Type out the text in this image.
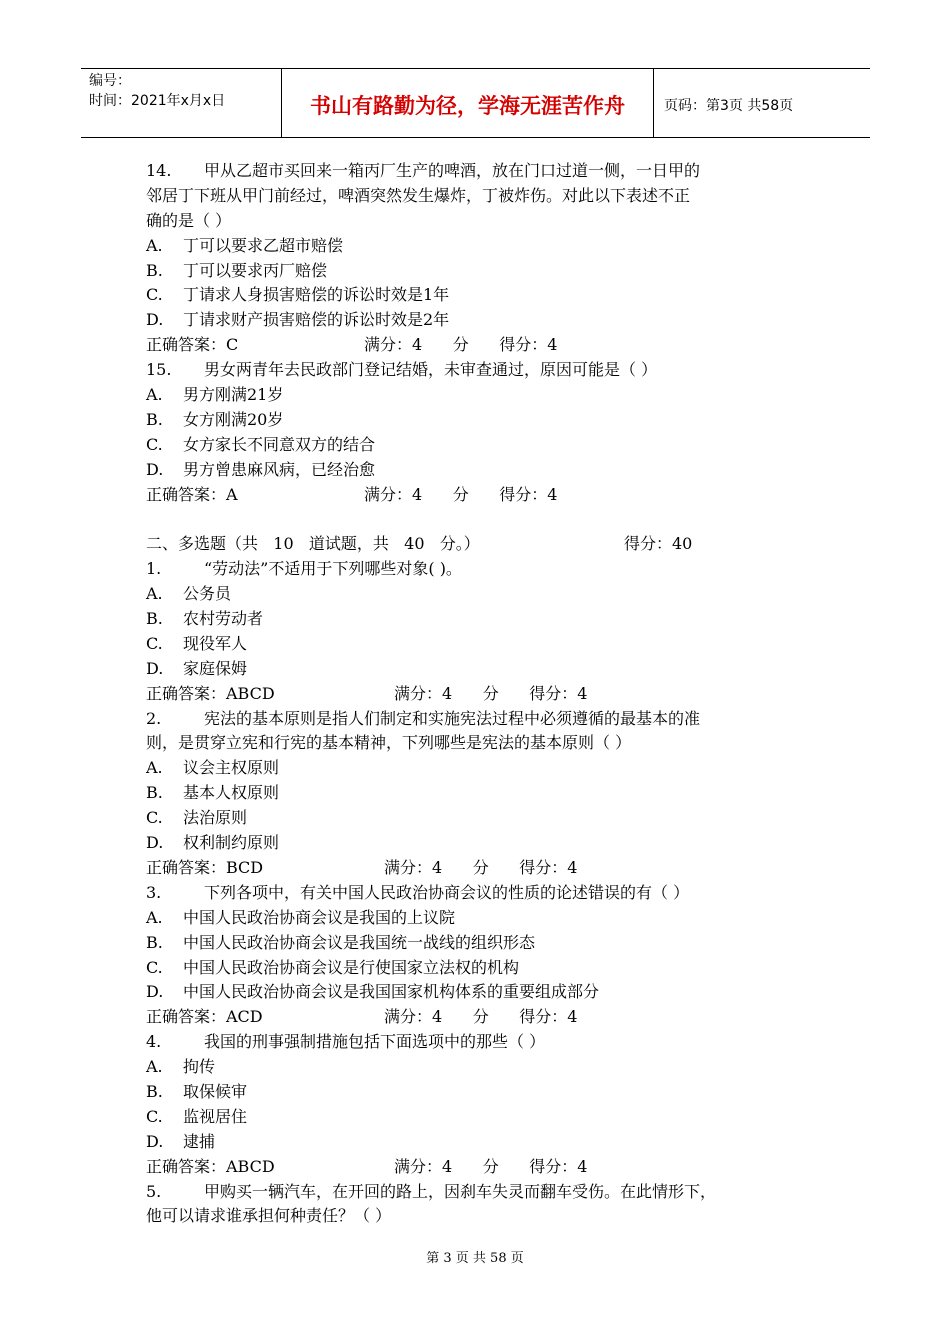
编号：
时间：2021年x月x日	书山有路勤为径，学海无涯苦作舟	页码：第3页 共58页
14. 甲从乙超市买回来一箱丙厂生产的啤酒，放在门口过道一侧，一日甲的
邻居丁下班从甲门前经过，啤酒突然发生爆炸，丁被炸伤。对此以下表述不正
确的是（ ）
A. 丁可以要求乙超市赔偿
B. 丁可以要求丙厂赔偿
C. 丁请求人身损害赔偿的诉讼时效是1年
D. 丁请求财产损害赔偿的诉讼时效是2年
正确答案：C	满分：4      分      得分：4
15. 男女两青年去民政部门登记结婚，未审查通过，原因可能是（ ）
A. 男方刚满21岁
B. 女方刚满20岁
C. 女方家长不同意双方的结合
D. 男方曾患麻风病，已经治愈
正确答案：A	满分：4      分      得分：4
二、多选题（共   10   道试题，共   40   分。）	得分：40
1.	“劳动法”不适用于下列哪些对象( )。
A. 公务员
B. 农村劳动者
C. 现役军人
D. 家庭保姆
正确答案：ABCD	满分：4      分      得分：4
2.	宪法的基本原则是指人们制定和实施宪法过程中必须遵循的最基本的准
则，是贯穿立宪和行宪的基本精神，下列哪些是宪法的基本原则（ ）
A. 议会主权原则
B. 基本人权原则
C. 法治原则
D. 权利制约原则
正确答案：BCD	满分：4      分      得分：4
3.	下列各项中，有关中国人民政治协商会议的性质的论述错误的有（ ）
A. 中国人民政治协商会议是我国的上议院
B. 中国人民政治协商会议是我国统一战线的组织形态
C. 中国人民政治协商会议是行使国家立法权的机构
D. 中国人民政治协商会议是我国国家机构体系的重要组成部分
正确答案：ACD	满分：4      分      得分：4
4.	我国的刑事强制措施包括下面选项中的那些（ ）
A. 拘传
B. 取保候审
C. 监视居住
D. 逮捕
正确答案：ABCD	满分：4      分      得分：4
5.	甲购买一辆汽车，在开回的路上，因刹车失灵而翻车受伤。在此情形下，
他可以请求谁承担何种责任？（ ）
第 3 页 共 58 页
